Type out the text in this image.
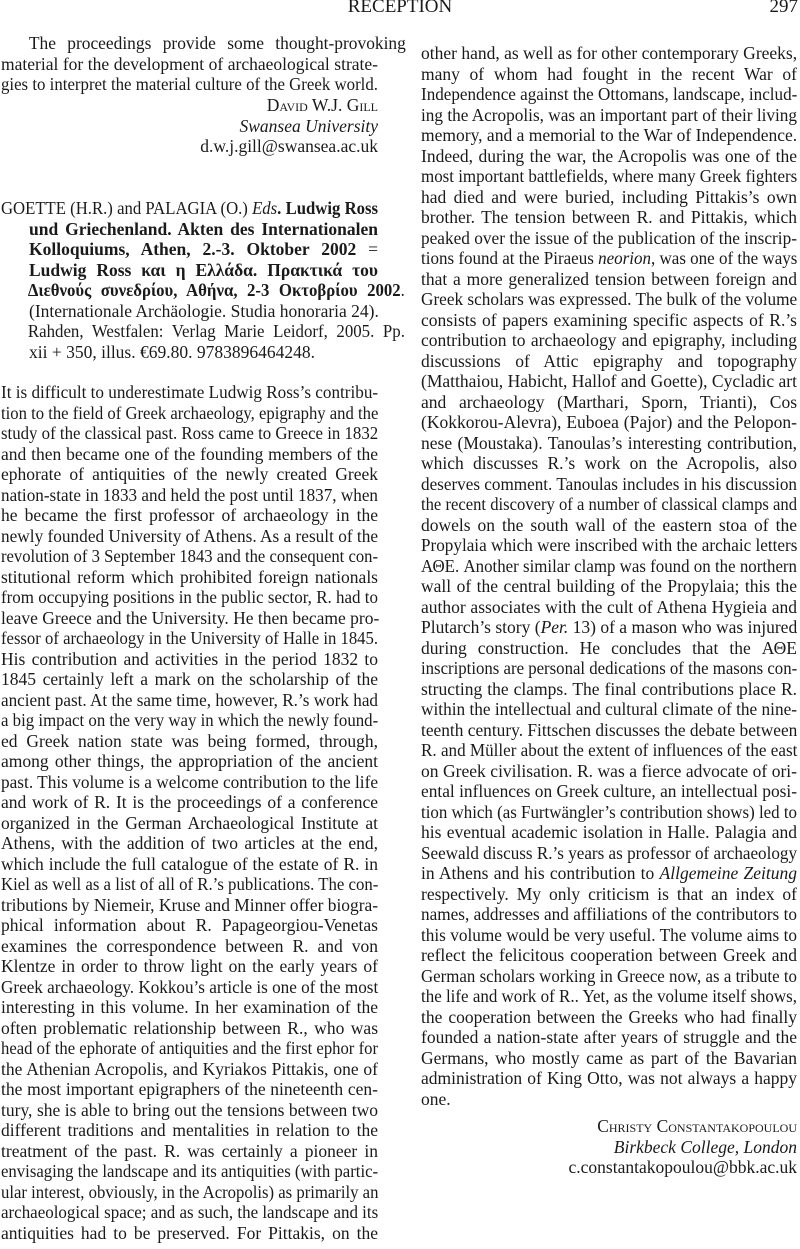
RECEPTION	297
The proceedings provide some thought-provoking
material for the development of archaeological strate-
gies to interpret the material culture of the Greek world.
David W.J. Gill
Swansea University
d.w.j.gill@swansea.ac.uk
GOETTE (H.R.) and PALAGIA (O.) Eds. Ludwig Ross
und Griechenland. Akten des Internationalen
Kolloquiums, Athen, 2.-3. Oktober 2002 =
Ludwig Ross και η Ελλάδα. Πρακτικά του
Διεθνούς συνεδρίου, Αθήνα, 2-3 Οκτοβρίου 2002.
(Internationale Archäologie. Studia honoraria 24).
Rahden, Westfalen: Verlag Marie Leidorf, 2005. Pp.
xii + 350, illus. €69.80. 9783896464248.
It is difficult to underestimate Ludwig Ross’s contribu-
tion to the field of Greek archaeology, epigraphy and the
study of the classical past. Ross came to Greece in 1832
and then became one of the founding members of the
ephorate of antiquities of the newly created Greek
nation-state in 1833 and held the post until 1837, when
he became the first professor of archaeology in the
newly founded University of Athens. As a result of the
revolution of 3 September 1843 and the consequent con-
stitutional reform which prohibited foreign nationals
from occupying positions in the public sector, R. had to
leave Greece and the University. He then became pro-
fessor of archaeology in the University of Halle in 1845.
His contribution and activities in the period 1832 to
1845 certainly left a mark on the scholarship of the
ancient past. At the same time, however, R.’s work had
a big impact on the very way in which the newly found-
ed Greek nation state was being formed, through,
among other things, the appropriation of the ancient
past. This volume is a welcome contribution to the life
and work of R. It is the proceedings of a conference
organized in the German Archaeological Institute at
Athens, with the addition of two articles at the end,
which include the full catalogue of the estate of R. in
Kiel as well as a list of all of R.’s publications. The con-
tributions by Niemeir, Kruse and Minner offer biogra-
phical information about R. Papageorgiou-Venetas
examines the correspondence between R. and von
Klentze in order to throw light on the early years of
Greek archaeology. Kokkou’s article is one of the most
interesting in this volume. In her examination of the
often problematic relationship between R., who was
head of the ephorate of antiquities and the first ephor for
the Athenian Acropolis, and Kyriakos Pittakis, one of
the most important epigraphers of the nineteenth cen-
tury, she is able to bring out the tensions between two
different traditions and mentalities in relation to the
treatment of the past. R. was certainly a pioneer in
envisaging the landscape and its antiquities (with partic-
ular interest, obviously, in the Acropolis) as primarily an
archaeological space; and as such, the landscape and its
antiquities had to be preserved. For Pittakis, on the
other hand, as well as for other contemporary Greeks,
many of whom had fought in the recent War of
Independence against the Ottomans, landscape, includ-
ing the Acropolis, was an important part of their living
memory, and a memorial to the War of Independence.
Indeed, during the war, the Acropolis was one of the
most important battlefields, where many Greek fighters
had died and were buried, including Pittakis’s own
brother. The tension between R. and Pittakis, which
peaked over the issue of the publication of the inscrip-
tions found at the Piraeus neorion, was one of the ways
that a more generalized tension between foreign and
Greek scholars was expressed. The bulk of the volume
consists of papers examining specific aspects of R.’s
contribution to archaeology and epigraphy, including
discussions of Attic epigraphy and topography
(Matthaiou, Habicht, Hallof and Goette), Cycladic art
and archaeology (Marthari, Sporn, Trianti), Cos
(Kokkorou-Alevra), Euboea (Pajor) and the Pelopon-
nese (Moustaka). Tanoulas’s interesting contribution,
which discusses R.’s work on the Acropolis, also
deserves comment. Tanoulas includes in his discussion
the recent discovery of a number of classical clamps and
dowels on the south wall of the eastern stoa of the
Propylaia which were inscribed with the archaic letters
ΑΘΕ. Another similar clamp was found on the northern
wall of the central building of the Propylaia; this the
author associates with the cult of Athena Hygieia and
Plutarch’s story (Per. 13) of a mason who was injured
during construction. He concludes that the ΑΘΕ
inscriptions are personal dedications of the masons con-
structing the clamps. The final contributions place R.
within the intellectual and cultural climate of the nine-
teenth century. Fittschen discusses the debate between
R. and Müller about the extent of influences of the east
on Greek civilisation. R. was a fierce advocate of ori-
ental influences on Greek culture, an intellectual posi-
tion which (as Furtwängler’s contribution shows) led to
his eventual academic isolation in Halle. Palagia and
Seewald discuss R.’s years as professor of archaeology
in Athens and his contribution to Allgemeine Zeitung
respectively. My only criticism is that an index of
names, addresses and affiliations of the contributors to
this volume would be very useful. The volume aims to
reflect the felicitous cooperation between Greek and
German scholars working in Greece now, as a tribute to
the life and work of R.. Yet, as the volume itself shows,
the cooperation between the Greeks who had finally
founded a nation-state after years of struggle and the
Germans, who mostly came as part of the Bavarian
administration of King Otto, was not always a happy
one.
Christy Constantakopoulou
Birkbeck College, London
c.constantakopoulou@bbk.ac.uk
